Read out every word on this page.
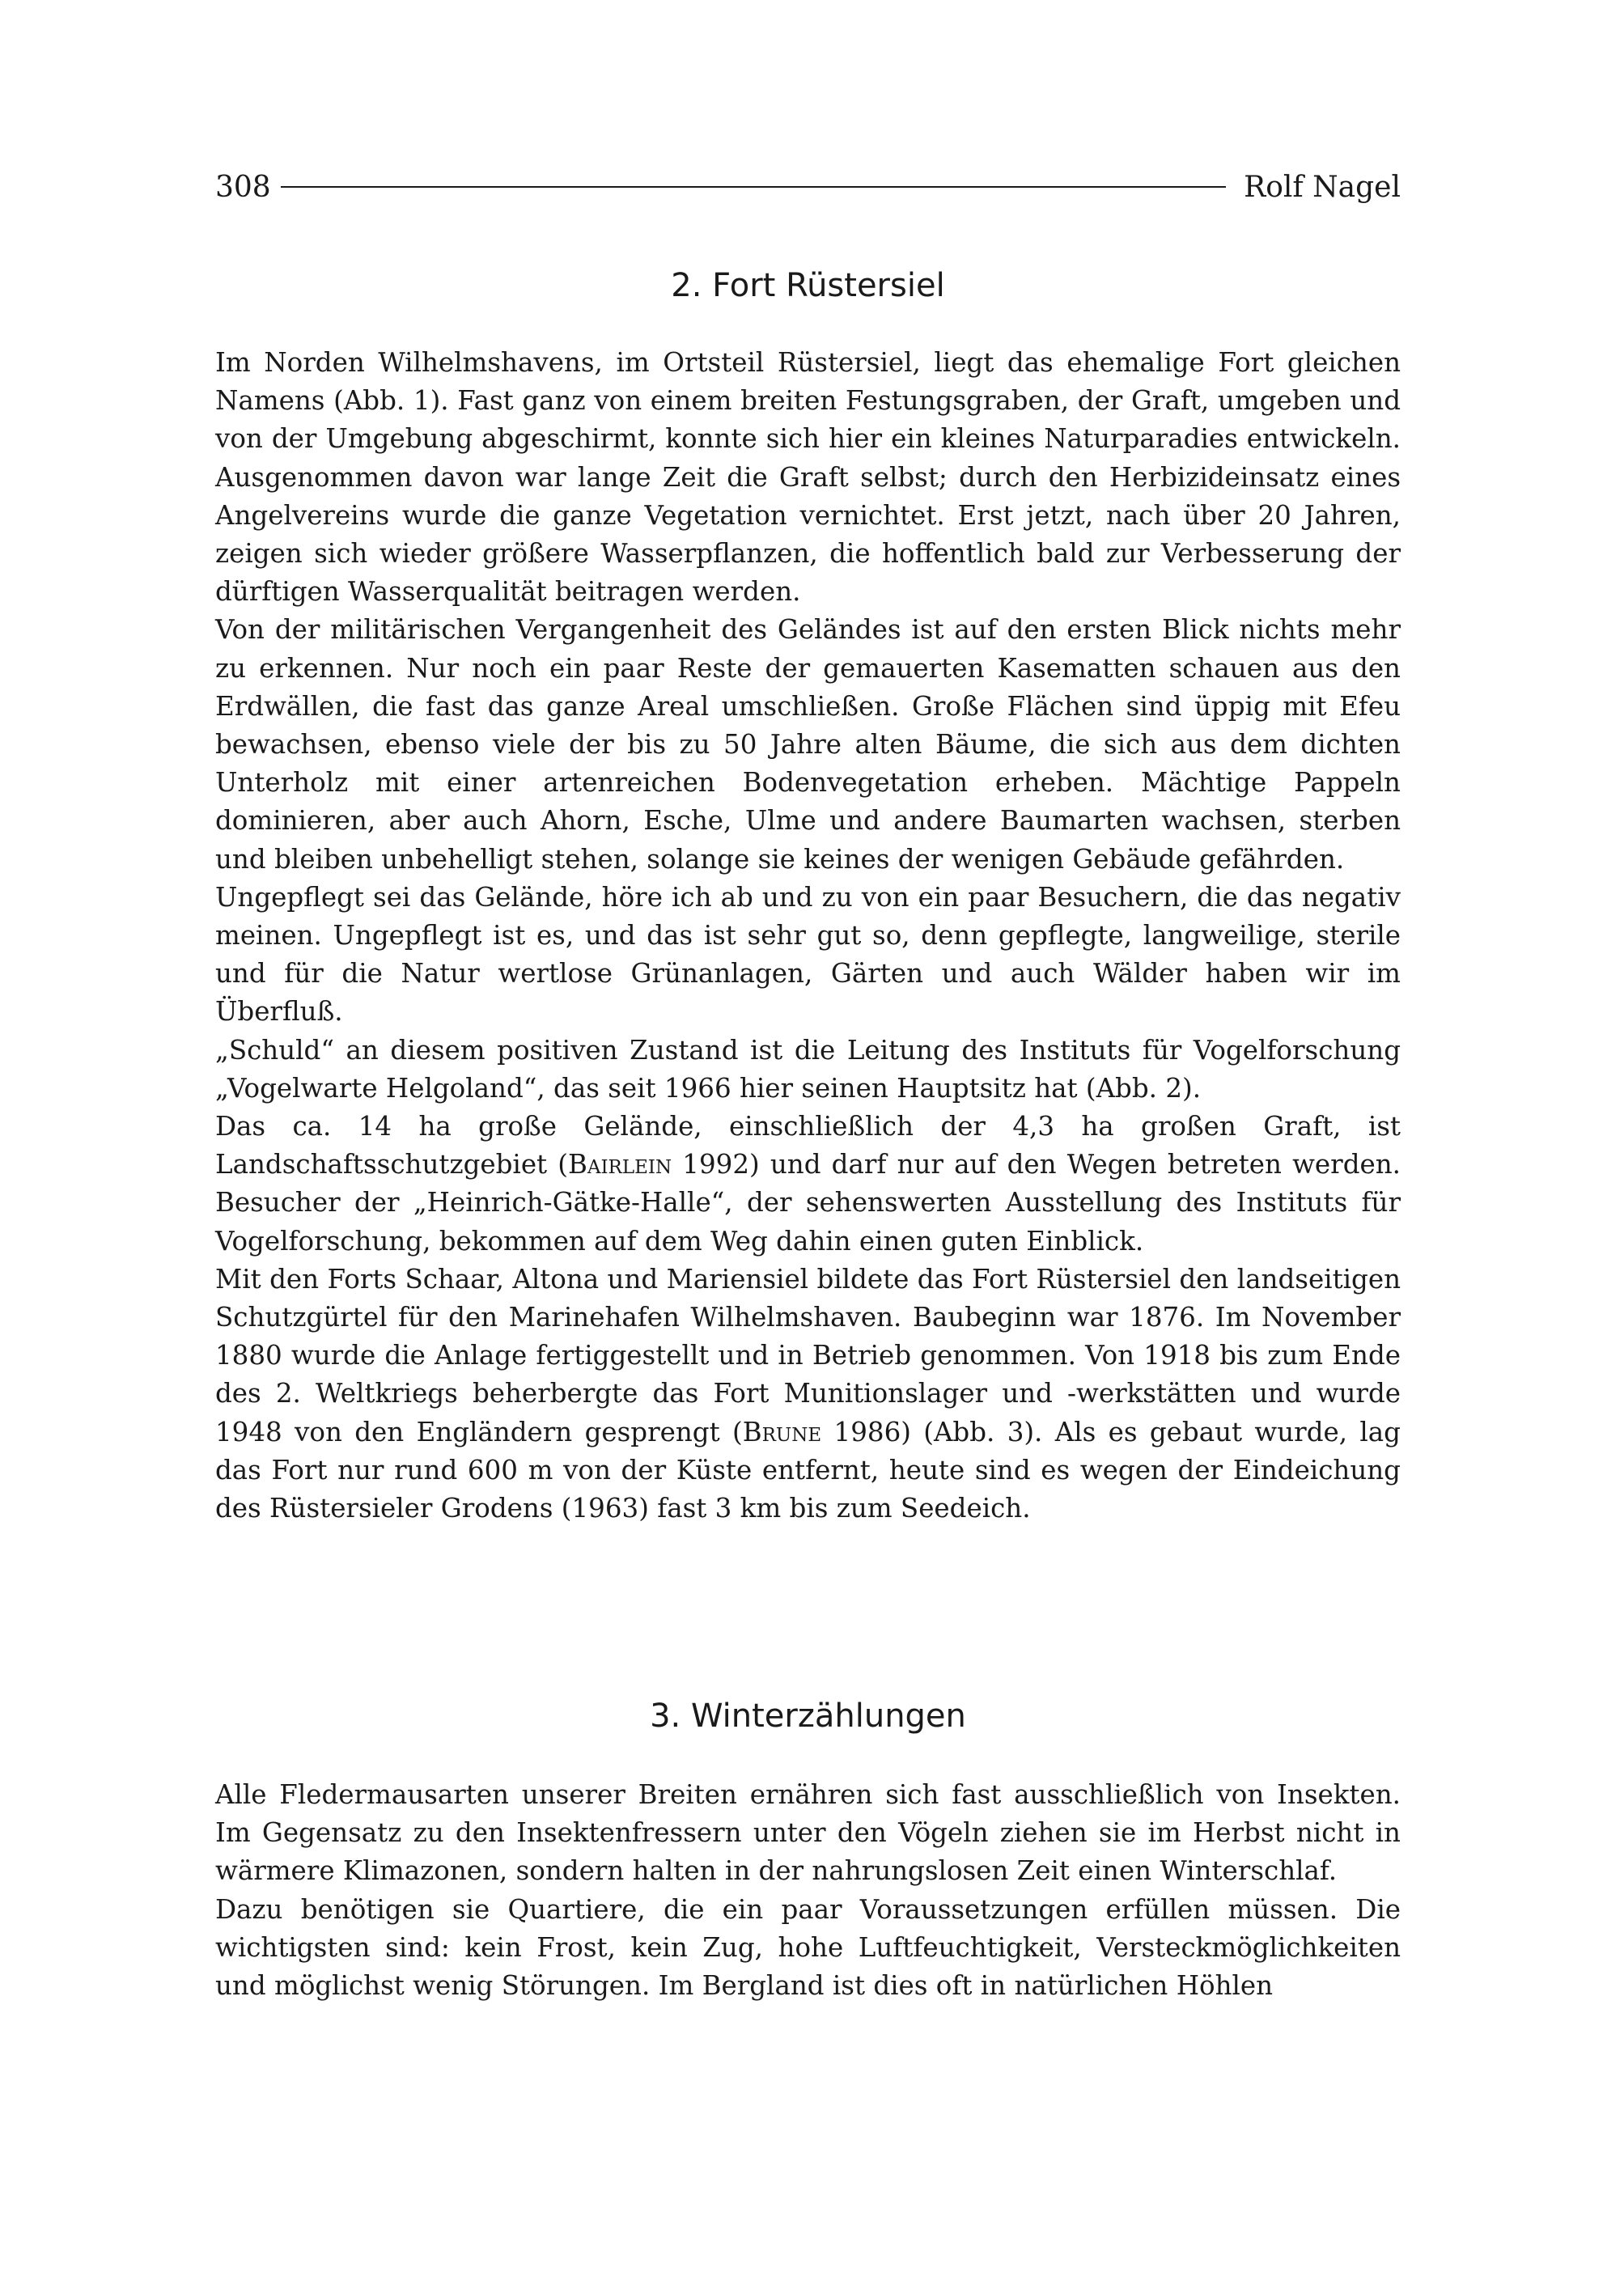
308	Rolf Nagel
2. Fort Rüstersiel

Im Norden Wilhelmshavens, im Ortsteil Rüstersiel, liegt das ehemalige Fort gleichen Namens (Abb. 1). Fast ganz von einem breiten Festungsgraben, der Graft, umgeben und von der Umgebung abgeschirmt, konnte sich hier ein kleines Naturparadies entwickeln. Ausgenommen davon war lange Zeit die Graft selbst; durch den Herbizideinsatz eines Angelvereins wurde die ganze Vegetation vernichtet. Erst jetzt, nach über 20 Jahren, zeigen sich wieder größere Wasserpflanzen, die hoffentlich bald zur Verbesserung der dürftigen Wasserqualität beitragen werden.

Von der militärischen Vergangenheit des Geländes ist auf den ersten Blick nichts mehr zu erkennen. Nur noch ein paar Reste der gemauerten Kasematten schauen aus den Erdwällen, die fast das ganze Areal umschließen. Große Flächen sind üppig mit Efeu bewachsen, ebenso viele der bis zu 50 Jahre alten Bäume, die sich aus dem dichten Unterholz mit einer artenreichen Bodenvegetation erheben. Mächtige Pappeln dominieren, aber auch Ahorn, Esche, Ulme und andere Baumarten wachsen, sterben und bleiben unbehelligt stehen, solange sie keines der wenigen Gebäude gefährden.

Ungepflegt sei das Gelände, höre ich ab und zu von ein paar Besuchern, die das negativ meinen. Ungepflegt ist es, und das ist sehr gut so, denn gepflegte, langweilige, sterile und für die Natur wertlose Grünanlagen, Gärten und auch Wälder haben wir im Überfluß.

„Schuld“ an diesem positiven Zustand ist die Leitung des Instituts für Vogelforschung „Vogelwarte Helgoland“, das seit 1966 hier seinen Hauptsitz hat (Abb. 2).

Das ca. 14 ha große Gelände, einschließlich der 4,3 ha großen Graft, ist Landschaftsschutzgebiet (Bairlein 1992) und darf nur auf den Wegen betreten werden. Besucher der „Heinrich-Gätke-Halle“, der sehenswerten Ausstellung des Instituts für Vogelforschung, bekommen auf dem Weg dahin einen guten Einblick.

Mit den Forts Schaar, Altona und Mariensiel bildete das Fort Rüstersiel den landseitigen Schutzgürtel für den Marinehafen Wilhelmshaven. Baubeginn war 1876. Im November 1880 wurde die Anlage fertiggestellt und in Betrieb genommen. Von 1918 bis zum Ende des 2. Weltkriegs beherbergte das Fort Munitionslager und -werkstätten und wurde 1948 von den Engländern gesprengt (Brune 1986) (Abb. 3). Als es gebaut wurde, lag das Fort nur rund 600 m von der Küste entfernt, heute sind es wegen der Eindeichung des Rüstersieler Grodens (1963) fast 3 km bis zum Seedeich.

3. Winterzählungen

Alle Fledermausarten unserer Breiten ernähren sich fast ausschließlich von Insekten. Im Gegensatz zu den Insektenfressern unter den Vögeln ziehen sie im Herbst nicht in wärmere Klimazonen, sondern halten in der nahrungslosen Zeit einen Winterschlaf.

Dazu benötigen sie Quartiere, die ein paar Voraussetzungen erfüllen müssen. Die wichtigsten sind: kein Frost, kein Zug, hohe Luftfeuchtigkeit, Versteckmöglichkeiten und möglichst wenig Störungen. Im Bergland ist dies oft in natürlichen Höhlen
